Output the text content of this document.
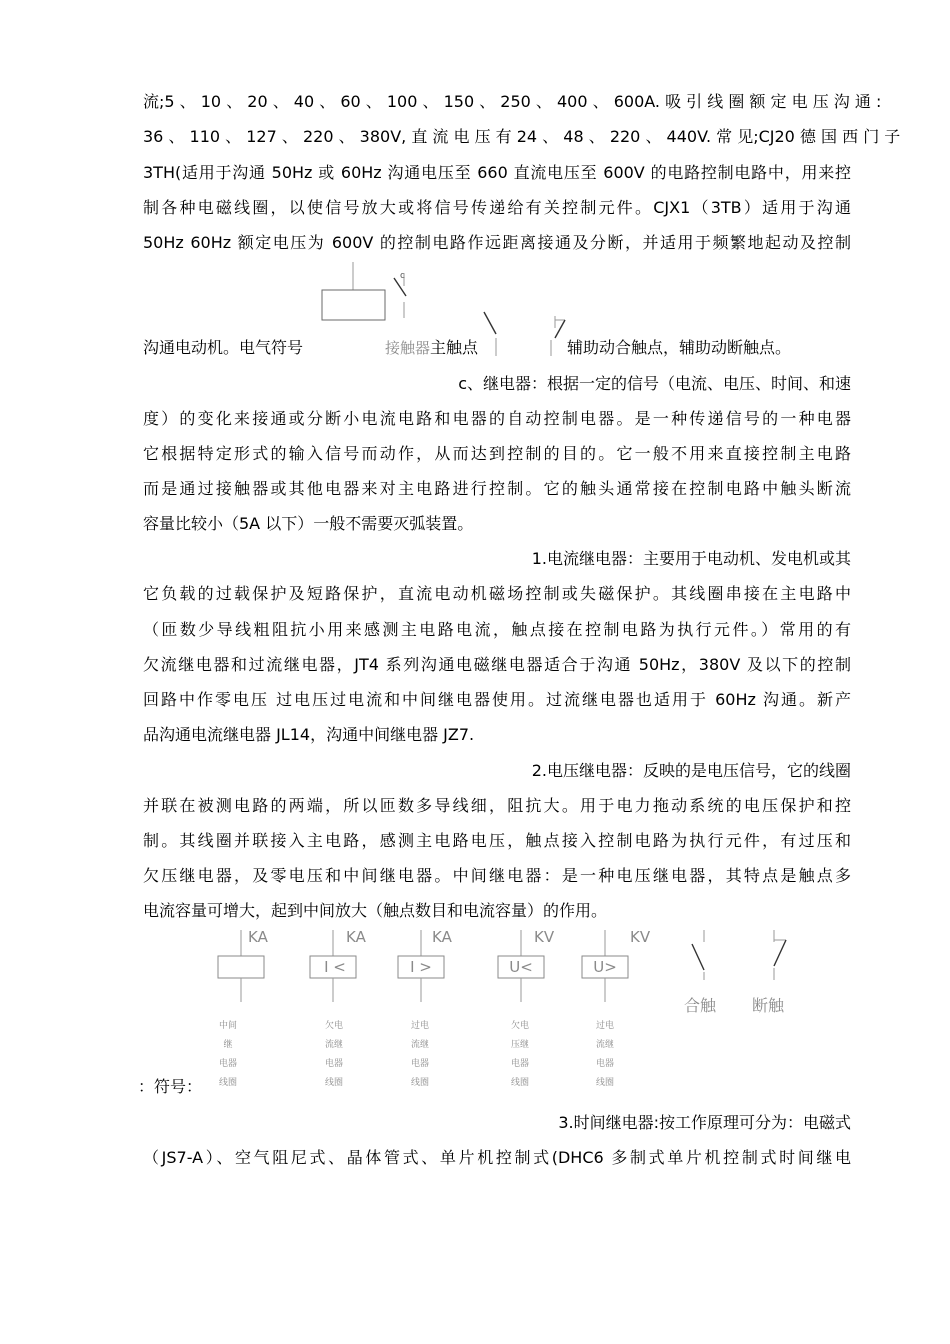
流;5 、 10 、 20 、 40 、 60 、 100 、 150 、 250 、 400 、 600A. 吸 引 线 圈 额 定 电 压 沟 通 :
36 、 110 、 127 、 220 、 380V, 直 流 电 压 有 24 、 48 、 220 、 440V. 常 见;CJ20 德 国 西 门 子
3TH(适用于沟通 50Hz 或 60Hz 沟通电压至 660 直流电压至 600V 的电路控制电路中，用来控
制各种电磁线圈，以使信号放大或将信号传递给有关控制元件。CJX1（3TB）适用于沟通
50Hz 60Hz 额定电压为 600V 的控制电路作远距离接通及分断，并适用于频繁地起动及控制
c
沟通电动机。电气符号	接触器 主触点	辅助动合触点，辅助动断触点。
c、继电器：根据一定的信号（电流、电压、时间、和速
度）的变化来接通或分断小电流电路和电器的自动控制电器。是一种传递信号的一种电器
它根据特定形式的输入信号而动作，从而达到控制的目的。它一般不用来直接控制主电路
而是通过接触器或其他电器来对主电路进行控制。它的触头通常接在控制电路中触头断流
容量比较小（5A 以下）一般不需要灭弧装置。
1.电流继电器：主要用于电动机、发电机或其
它负载的过载保护及短路保护，直流电动机磁场控制或失磁保护。其线圈串接在主电路中
（匝数少导线粗阻抗小用来感测主电路电流，触点接在控制电路为执行元件。）常用的有
欠流继电器和过流继电器，JT4 系列沟通电磁继电器适合于沟通 50Hz，380V 及以下的控制
回路中作零电压 过电压过电流和中间继电器使用。过流继电器也适用于 60Hz 沟通。新产
品沟通电流继电器 JL14，沟通中间继电器 JZ7.
2.电压继电器：反映的是电压信号，它的线圈
并联在被测电路的两端，所以匝数多导线细，阻抗大。用于电力拖动系统的电压保护和控
制。其线圈并联接入主电路，感测主电路电压，触点接入控制电路为执行元件，有过压和
欠压继电器，及零电压和中间继电器。中间继电器：是一种电压继电器，其特点是触点多
电流容量可增大，起到中间放大（触点数目和电流容量）的作用。
KA	KA
I <
KA
I >
KV
U<
KV
U>
合触 断触
中间
继
电器
线圈
欠电
流继
电器
线圈
过电
流继
电器
线圈
欠电
压继
电器
线圈
过电
流继
电器
线圈
：符号：
3.时间继电器:按工作原理可分为：电磁式
（JS7-A）、空气阻尼式、晶体管式、单片机控制式(DHC6 多制式单片机控制式时间继电
